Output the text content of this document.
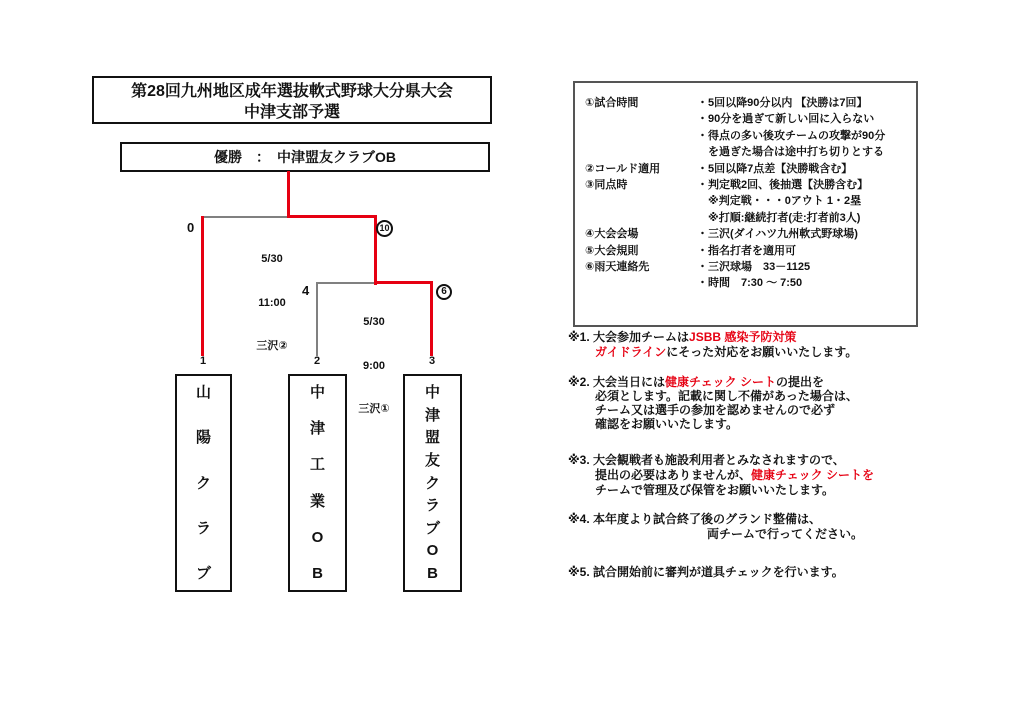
第28回九州地区成年選抜軟式野球大分県大会
中津支部予選
優勝　：　中津盟友クラブOB
0	10
4	6

5/30

11:00

三沢②

5/30

9:00

三沢①

1	2	3
山
陽
ク
ラ
ブ
中
津
工
業
O
B
中
津
盟
友
ク
ラ
ブ
O
B
①試合時間	・5回以降90分以内 【決勝は7回】
・90分を過ぎて新しい回に入らない
・得点の多い後攻チームの攻撃が90分
　を過ぎた場合は途中打ち切りとする
②コールド適用	・5回以降7点差【決勝戦含む】
③同点時	・判定戦2回、後抽選【決勝含む】
　※判定戦・・・0アウト 1・2塁
　※打順:継続打者(走:打者前3人)
④大会会場	・三沢(ダイハツ九州軟式野球場)
⑤大会規則	・指名打者を適用可
⑥雨天連絡先	・三沢球場　33－1125
・時間　7:30 ～ 7:50
※1. 大会参加チームはJSBB 感染予防対策
ガイドラインにそった対応をお願いいたします。
※2. 大会当日には健康チェック シートの提出を
必須とします。記載に関し不備があった場合は、
チーム又は選手の参加を認めませんので必ず
確認をお願いいたします。
※3. 大会観戦者も施設利用者とみなされますので、
提出の必要はありませんが、健康チェック シートを
チームで管理及び保管をお願いいたします。
※4. 本年度より試合終了後のグランド整備は、
両チームで行ってください。
※5. 試合開始前に審判が道具チェックを行います。
